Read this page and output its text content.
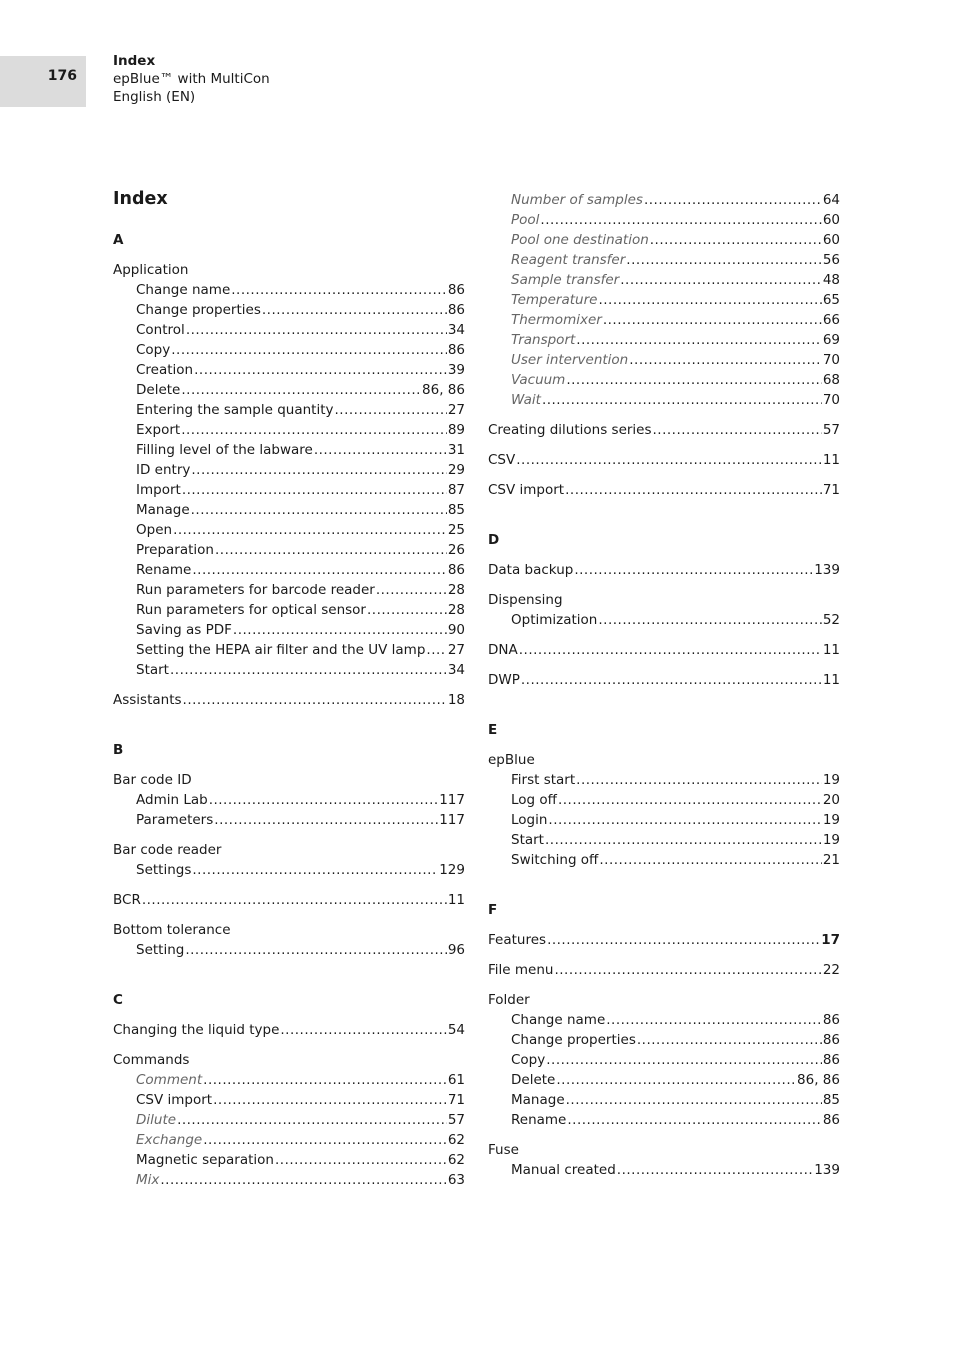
176
Index
epBlue™ with MultiCon
English (EN)
Index
A
Application
Change name .....	86
Change properties .....	86
Control .....	34
Copy .....	86
Creation .....	39
Delete .....	86, 86
Entering the sample quantity .....	27
Export .....	89
Filling level of the labware .....	31
ID entry .....	29
Import .....	87
Manage .....	85
Open .....	25
Preparation .....	26
Rename .....	86
Run parameters for barcode reader .....	28
Run parameters for optical sensor .....	28
Saving as PDF .....	90
Setting the HEPA air filter and the UV lamp ..... 27
Start .....	34
Assistants .....	18
B
Bar code ID
Admin Lab .....	117
Parameters .....	117
Bar code reader
Settings .....	129
BCR .....	11
Bottom tolerance
Setting .....	96
C
Changing the liquid type .....	54
Commands
Comment .....	61
CSV import .....	71
Dilute .....	57
Exchange .....	62
Magnetic separation .....	62
Mix .....	63
Number of samples .....	64
Pool .....	60
Pool one destination .....	60
Reagent transfer .....	56
Sample transfer .....	48
Temperature .....	65
Thermomixer .....	66
Transport .....	69
User intervention .....	70
Vacuum .....	68
Wait .....	70
Creating dilutions series .....	57
CSV .....	11
CSV import .....	71
D
Data backup .....	139
Dispensing
Optimization .....	52
DNA .....	11
DWP .....	11
E
epBlue
First start .....	19
Log off .....	20
Login .....	19
Start .....	19
Switching off .....	21
F
Features .....	17
File menu .....	22
Folder
Change name .....	86
Change properties .....	86
Copy .....	86
Delete .....	86, 86
Manage .....	85
Rename .....	86
Fuse
Manual created .....	139
